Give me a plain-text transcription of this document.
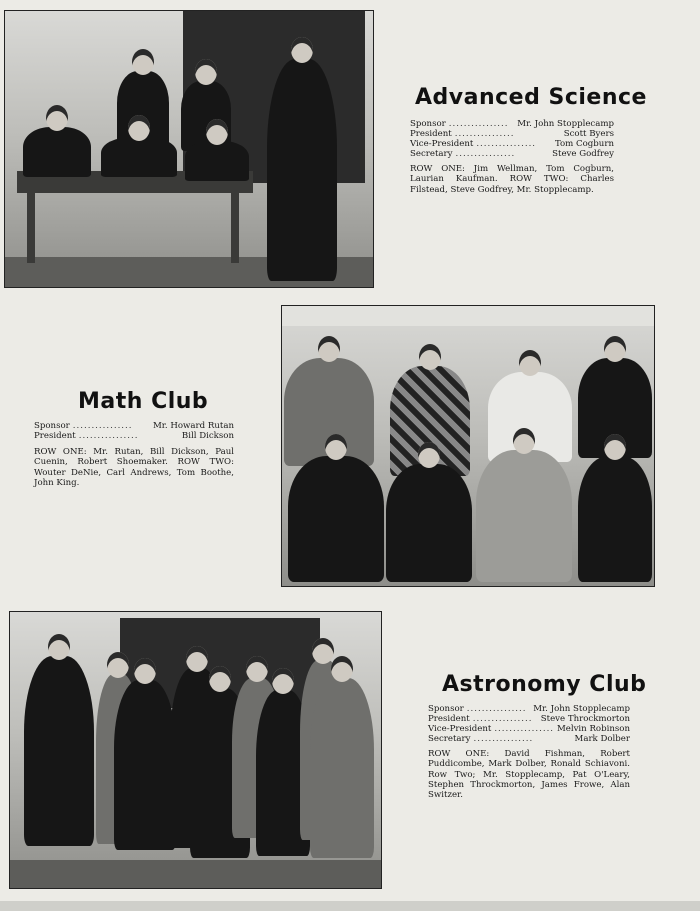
Advanced Science
Sponsor ................	Mr. John Stopplecamp
President ................	Scott Byers
Vice-President ................	Tom Cogburn
Secretary ................	Steve Godfrey

ROW ONE: Jim Wellman, Tom Cogburn, Laurian Kaufman. ROW TWO: Charles Filstead, Steve Godfrey, Mr. Stopplecamp.

Math Club
Sponsor ................	Mr. Howard Rutan
President ................	Bill Dickson

ROW ONE: Mr. Rutan, Bill Dickson, Paul Cuenin, Robert Shoemaker. ROW TWO: Wouter DeNie, Carl Andrews, Tom Boothe, John King.

Astronomy Club
Sponsor ................ Mr. John Stopplecamp
President ................ Steve Throckmorton
Vice-President ................ Melvin Robinson
Secretary ................	Mark Dolber

ROW ONE: David Fishman, Robert Puddicombe, Mark Dolber, Ronald Schiavoni. Row Two; Mr. Stopplecamp, Pat O'Leary, Stephen Throckmorton, James Frowe, Alan Switzer.
